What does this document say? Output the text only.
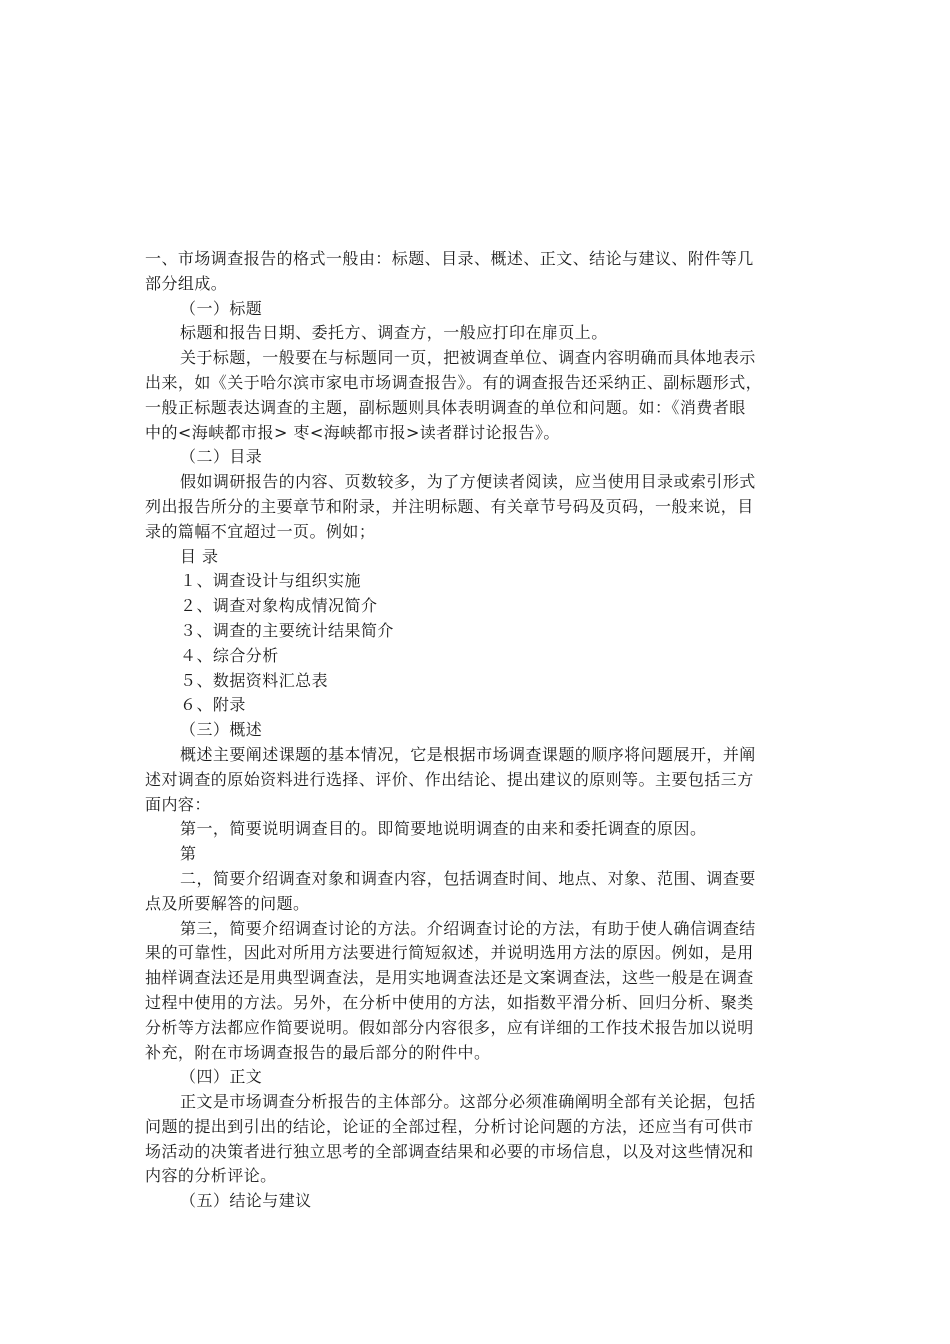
一、市场调查报告的格式一般由：标题、目录、概述、正文、结论与建议、附件等几

部分组成。

（一）标题

标题和报告日期、委托方、调查方，一般应打印在扉页上。

关于标题，一般要在与标题同一页，把被调查单位、调查内容明确而具体地表示

出来，如《关于哈尔滨市家电市场调查报告》。有的调查报告还采纳正、副标题形式，

一般正标题表达调查的主题，副标题则具体表明调查的单位和问题。如：《消费者眼

中的<海峡都市报> 枣<海峡都市报>读者群讨论报告》。

（二）目录

假如调研报告的内容、页数较多，为了方便读者阅读，应当使用目录或索引形式

列出报告所分的主要章节和附录，并注明标题、有关章节号码及页码，一般来说，目

录的篇幅不宜超过一页。例如；

目 录

１、调查设计与组织实施

２、调查对象构成情况简介

３、调查的主要统计结果简介

４、综合分析

５、数据资料汇总表

６、附录

（三）概述

概述主要阐述课题的基本情况，它是根据市场调查课题的顺序将问题展开，并阐

述对调查的原始资料进行选择、评价、作出结论、提出建议的原则等。主要包括三方

面内容：

第一，简要说明调查目的。即简要地说明调查的由来和委托调查的原因。

第

二，简要介绍调查对象和调查内容，包括调查时间、地点、对象、范围、调查要

点及所要解答的问题。

第三，简要介绍调查讨论的方法。介绍调查讨论的方法，有助于使人确信调查结

果的可靠性，因此对所用方法要进行简短叙述，并说明选用方法的原因。例如，是用

抽样调查法还是用典型调查法，是用实地调查法还是文案调查法，这些一般是在调查

过程中使用的方法。另外，在分析中使用的方法，如指数平滑分析、回归分析、聚类

分析等方法都应作简要说明。假如部分内容很多，应有详细的工作技术报告加以说明

补充，附在市场调查报告的最后部分的附件中。

（四）正文

正文是市场调查分析报告的主体部分。这部分必须准确阐明全部有关论据，包括

问题的提出到引出的结论，论证的全部过程，分析讨论问题的方法，还应当有可供市

场活动的决策者进行独立思考的全部调查结果和必要的市场信息，以及对这些情况和

内容的分析评论。

（五）结论与建议
